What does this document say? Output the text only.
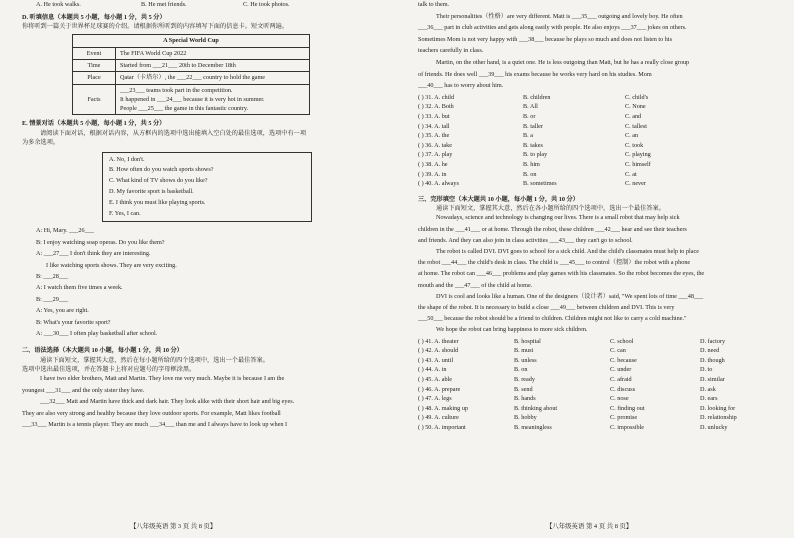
A. He took walks.	B. He met friends.	C. He took photos.
D. 听填信息（本题共 5 小题，每小题 1 分，共 5 分）
你将听到一篇关于世界杯足球赛的介绍。请根据你所听到的内容填写下面的信息卡。短文听两遍。
A Special World Cup	
Event	The FIFA World Cup 2022
Time	Started from ___21___ 20th to December 18th
Place	Qatar（卡塔尔）, the ___22___ country to hold the game
Facts	___23___ teams took part in the competition.
It happened in ___24___ because it is very hot in summer.
People ___25___ the game in this fantastic country.
E. 情景对话（本题共 5 小题，每小题 1 分，共 5 分）
请阅读下面对话，根据对话内容，从方框内的选项中选出能填入空白处的最佳选项，选项中有一项
为多余选项。
A. No, I don't.
B. How often do you watch sports shows?
C. What kind of TV shows do you like?
D. My favorite sport is basketball.
E. I think you must like playing sports.
F. Yes, I can.
A: Hi, Mary. ___26___
B: I enjoy watching soap operas. Do you like them?
A: ___27___ I don't think they are interesting.
I like watching sports shows. They are very exciting.
B: ___28___
A: I watch them five times a week.
B: ___29___
A: Yes, you are right.
B: What's your favorite sport?
A: ___30___ I often play basketball after school.
二、语法选择（本大题共 10 小题，每小题 1 分，共 10 分）
通读下面短文，掌握其大意，然后在每小题所给的四个选项中，选出一个最佳答案。
选项中选出最佳选项，并在答题卡上将对应题号的字母框涂黑。
I have two elder brothers, Matt and Martin. They love me very much. Maybe it is because I am the
youngest ___31___ and the only sister they have.
___32___ Matt and Martin have thick and dark hair. They look alike with their short hair and big eyes.
They are also very strong and healthy because they love outdoor sports. For example, Matt likes football
___33___ Martin is a tennis player. They are much ___34___ than me and I always have to look up when I
【八年级英语 第 3 页 共 8 页】
talk to them.
Their personalities（性格）are very different. Matt is ___35___ outgoing and lovely boy. He often
___36___ part in club activities and gets along easily with people. He also enjoys ___37___ jokes on others.
Sometimes Mom is not very happy with ___38___ because he plays so much and does not listen to his
teachers carefully in class.
Martin, on the other hand, is a quiet one. He is less outgoing than Matt, but he has a really close group
of friends. He does well ___39___ his exams because he works very hard on his studies. Mom
___40___ has to worry about him.
( ) 31. A. child	B. children	C. child's
( ) 32. A. Both	B. All	C. None
( ) 33. A. but	B. or	C. and
( ) 34. A. tall	B. taller	C. tallest
( ) 35. A. the	B. a	C. an
( ) 36. A. take	B. takes	C. took
( ) 37. A. play	B. to play	C. playing
( ) 38. A. he	B. him	C. himself
( ) 39. A. in	B. on	C. at
( ) 40. A. always	B. sometimes	C. never
三、完形填空（本大题共 10 小题，每小题 1 分，共 10 分）
通读下面短文，掌握其大意，然后在各小题所给的四个选项中，选出一个最佳答案。
Nowadays, science and technology is changing our lives. There is a small robot that may help sick
children in the ___41___ or at home. Through the robot, these children ___42___ hear and see their teachers
and friends. And they can also join in class activities ___43___ they can't go to school.
The robot is called DVI. DVI goes to school for a sick child. And the child's classmates must help to place
the robot ___44___ the child's desk in class. The child is ___45___ to control（控制）the robot with a phone
at home. The robot can ___46___ problems and play games with his classmates. So the robot becomes the eyes, the
mouth and the ___47___ of the child at home.
DVI is cool and looks like a human. One of the designers（设计者）said, "We spent lots of time ___48___
the shape of the robot. It is necessary to build a close ___49___ between children and DVI. This is very
___50___ because the robot should be a friend to children. Children might not like to carry a cold machine."
We hope the robot can bring happiness to more sick children.
( ) 41. A. theater	B. hospital	C. school	D. factory
( ) 42. A. should	B. must	C. can	D. need
( ) 43. A. until	B. unless	C. because	D. though
( ) 44. A. in	B. on	C. under	D. to
( ) 45. A. able	B. ready	C. afraid	D. similar
( ) 46. A. prepare	B. send	C. discuss	D. ask
( ) 47. A. legs	B. hands	C. nose	D. ears
( ) 48. A. making up	B. thinking about	C. finding out	D. looking for
( ) 49. A. culture	B. hobby	C. promise	D. relationship
( ) 50. A. important	B. meaningless	C. impossible	D. unlucky
【八年级英语 第 4 页 共 8 页】
